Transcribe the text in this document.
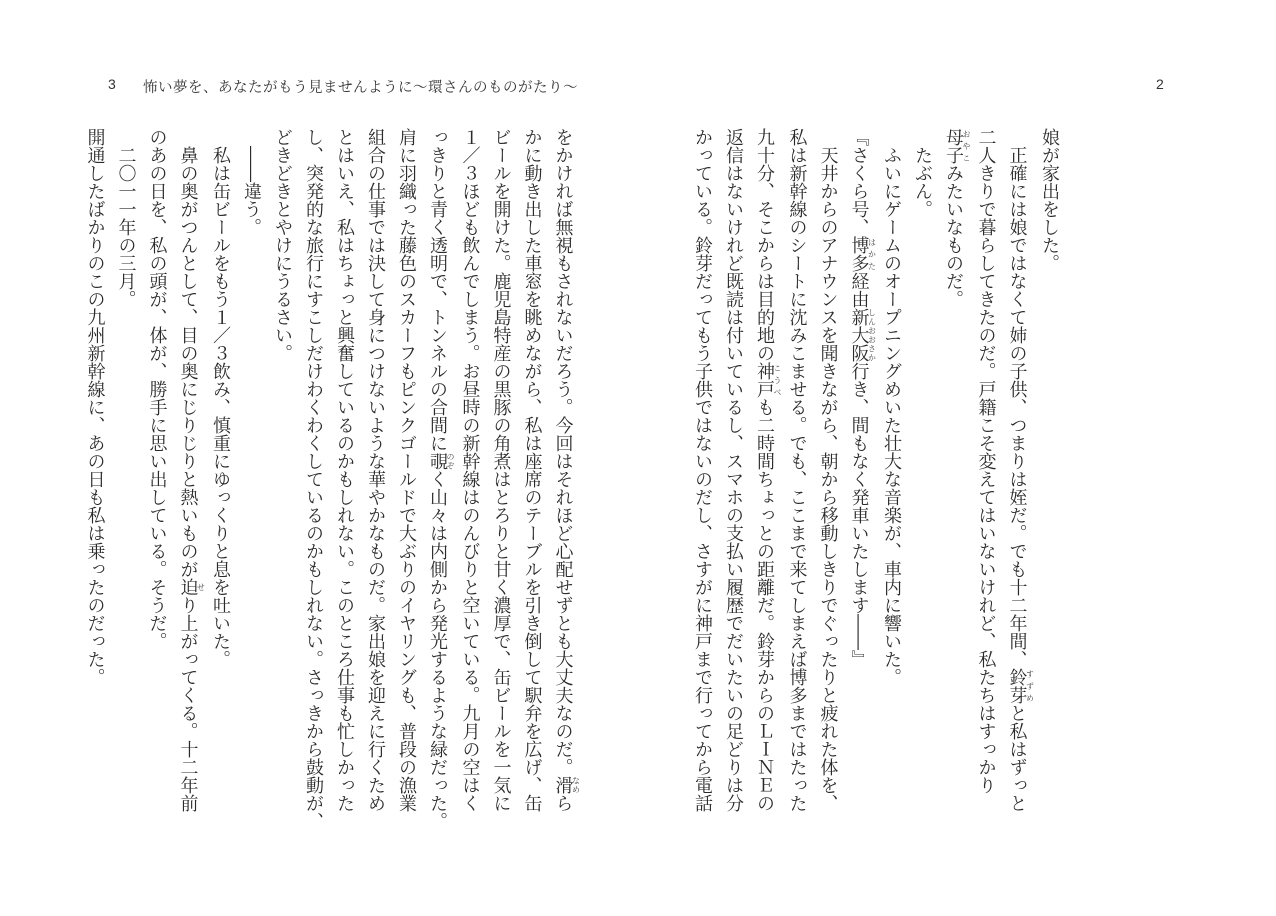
3 怖い夢を、あなたがもう見ませんように～環さんのものがたり～	2
娘が家出をした。
　正確には娘ではなくて姉の子供、つまりは姪だ。でも十二年間、鈴芽すずめと私はずっと
二人きりで暮らしてきたのだ。戸籍こそ変えてはいないけれど、私たちはすっかり
母子おやこみたいなものだ。
　たぶん。
　ふいにゲームのオープニングめいた壮大な音楽が、車内に響いた。
『さくら号、博多はかた経由新大阪しんおおさか行き、間もなく発車いたします――』
　天井からのアナウンスを聞きながら、朝から移動しきりでぐったりと疲れた体を、
私は新幹線のシートに沈みこませる。でも、ここまで来てしまえば博多まではたった
九十分、そこからは目的地の神戸こうべも二時間ちょっとの距離だ。鈴芽からのＬＩＮＥの
返信はないけれど既読は付いているし、スマホの支払い履歴でだいたいの足どりは分
かっている。鈴芽だってもう子供ではないのだし、さすがに神戸まで行ってから電話
をかければ無視もされないだろう。今回はそれほど心配せずとも大丈夫なのだ。滑なめら
かに動き出した車窓を眺めながら、私は座席のテーブルを引き倒して駅弁を広げ、缶
ビールを開けた。鹿児島特産の黒豚の角煮はとろりと甘く濃厚で、缶ビールを一気に
１／３ほども飲んでしまう。お昼時の新幹線はのんびりと空いている。九月の空はく
っきりと青く透明で、トンネルの合間に覗のぞく山々は内側から発光するような緑だった。
肩に羽織った藤色のスカーフもピンクゴールドで大ぶりのイヤリングも、普段の漁業
組合の仕事では決して身につけないような華やかなものだ。家出娘を迎えに行くため
とはいえ、私はちょっと興奮しているのかもしれない。このところ仕事も忙しかった
し、突発的な旅行にすこしだけわくわくしているのかもしれない。さっきから鼓動が、
どきどきとやけにうるさい。
　――違う。
　私は缶ビールをもう１／３飲み、慎重にゆっくりと息を吐いた。
　鼻の奥がつんとして、目の奥にじりじりと熱いものが迫せり上がってくる。十二年前
のあの日を、私の頭が、体が、勝手に思い出している。そうだ。
　二〇一一年の三月。
開通したばかりのこの九州新幹線に、あの日も私は乗ったのだった。
